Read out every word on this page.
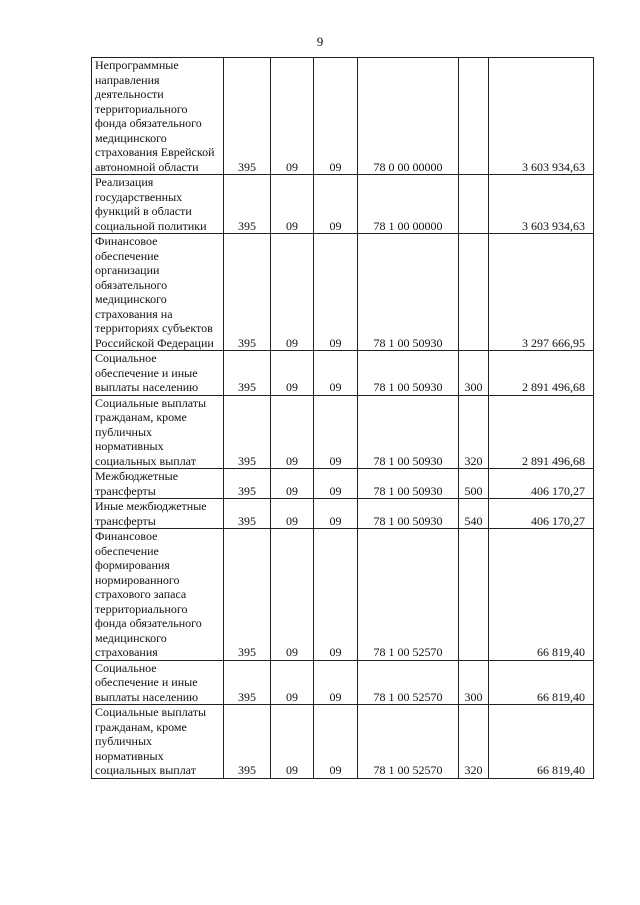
9
Непрограммные направления деятельности территориального фонда обязательного медицинского страхования Еврейской автономной области	395	09	09	78 0 00 00000		3 603 934,63
Реализация государственных функций в области социальной политики	395	09	09	78 1 00 00000		3 603 934,63
Финансовое обеспечение организации обязательного медицинского страхования на территориях субъектов Российской Федерации	395	09	09	78 1 00 50930		3 297 666,95
Социальное обеспечение и иные выплаты населению	395	09	09	78 1 00 50930	300	2 891 496,68
Социальные выплаты гражданам, кроме публичных нормативных социальных выплат	395	09	09	78 1 00 50930	320	2 891 496,68
Межбюджетные трансферты	395	09	09	78 1 00 50930	500	406 170,27
Иные межбюджетные трансферты	395	09	09	78 1 00 50930	540	406 170,27
Финансовое обеспечение формирования нормированного страхового запаса территориального фонда обязательного медицинского страхования	395	09	09	78 1 00 52570		66 819,40
Социальное обеспечение и иные выплаты населению	395	09	09	78 1 00 52570	300	66 819,40
Социальные выплаты гражданам, кроме публичных нормативных социальных выплат	395	09	09	78 1 00 52570	320	66 819,40
